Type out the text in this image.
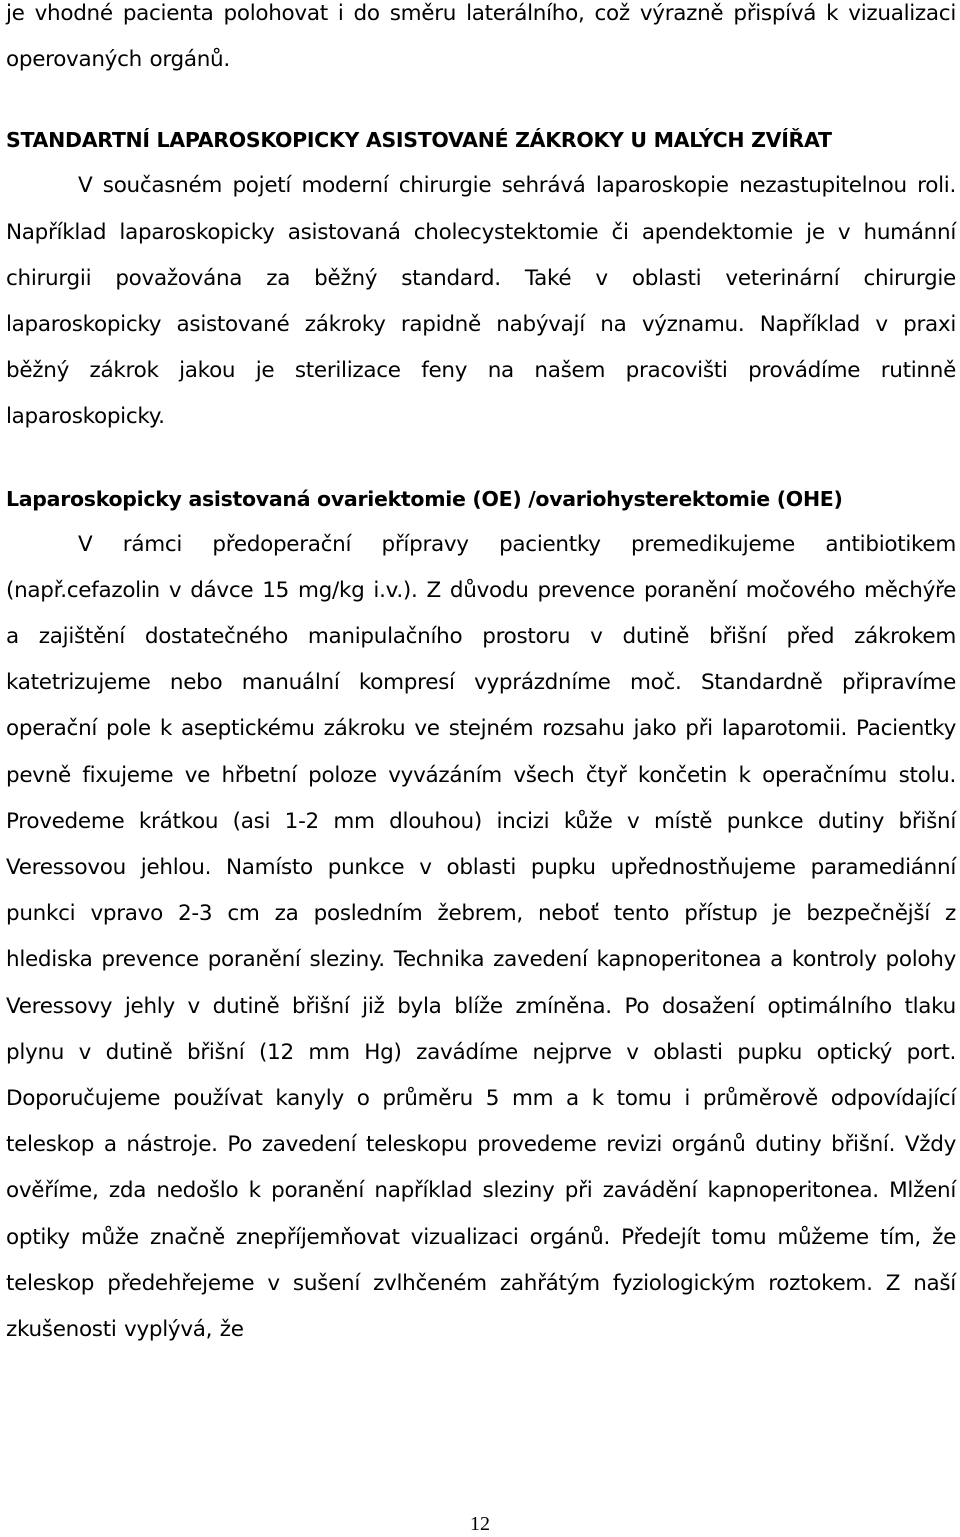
je vhodné pacienta polohovat i do směru laterálního, což výrazně přispívá k vizualizaci operovaných orgánů.

STANDARTNÍ LAPAROSKOPICKY ASISTOVANÉ ZÁKROKY U MALÝCH ZVÍŘAT

V současném pojetí moderní chirurgie sehrává laparoskopie nezastupitelnou roli. Například laparoskopicky asistovaná cholecystektomie či apendektomie je v humánní chirurgii považována za běžný standard. Také v oblasti veterinární chirurgie laparoskopicky asistované zákroky rapidně nabývají na významu. Například v praxi běžný zákrok jakou je sterilizace feny na našem pracovišti provádíme rutinně laparoskopicky.

Laparoskopicky asistovaná ovariektomie (OE) /ovariohysterektomie (OHE)

V rámci předoperační přípravy pacientky premedikujeme antibiotikem (např.cefazolin v dávce 15 mg/kg i.v.). Z důvodu prevence poranění močového měchýře a zajištění dostatečného manipulačního prostoru v dutině břišní před zákrokem katetrizujeme nebo manuální kompresí vyprázdníme moč. Standardně připravíme operační pole k aseptickému zákroku ve stejném rozsahu jako při laparotomii. Pacientky pevně fixujeme ve hřbetní poloze vyvázáním všech čtyř končetin k operačnímu stolu. Provedeme krátkou (asi 1-2 mm dlouhou) incizi kůže v místě punkce dutiny břišní Veressovou jehlou. Namísto punkce v oblasti pupku upřednostňujeme paramediánní punkci vpravo 2-3 cm za posledním žebrem, neboť tento přístup je bezpečnější z hlediska prevence poranění sleziny. Technika zavedení kapnoperitonea a kontroly polohy Veressovy jehly v dutině břišní již byla blíže zmíněna. Po dosažení optimálního tlaku plynu v dutině břišní (12 mm Hg) zavádíme nejprve v oblasti pupku optický port. Doporučujeme používat kanyly o průměru 5 mm a k tomu i průměrově odpovídající teleskop a nástroje. Po zavedení teleskopu provedeme revizi orgánů dutiny břišní. Vždy ověříme, zda nedošlo k poranění například sleziny při zavádění kapnoperitonea. Mlžení optiky může značně znepříjemňovat vizualizaci orgánů. Předejít tomu můžeme tím, že teleskop předehřejeme v sušení zvlhčeném zahřátým fyziologickým roztokem. Z naší zkušenosti vyplývá, že

12
